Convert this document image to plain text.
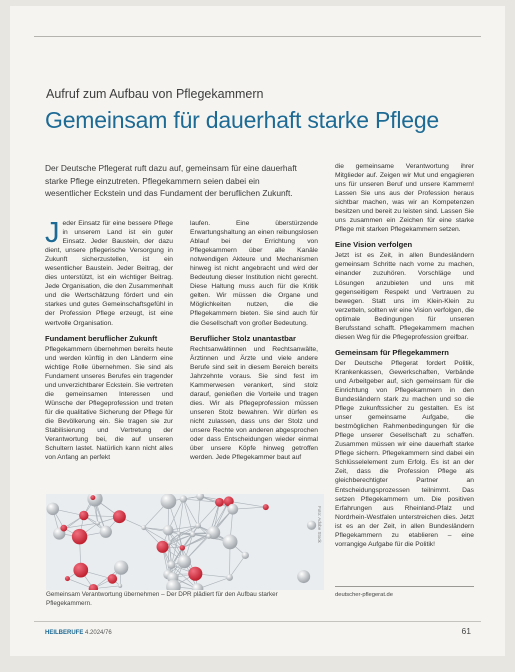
Aufruf zum Aufbau von Pflegekammern
Gemeinsam für dauerhaft starke Pflege
Der Deutsche Pflegerat ruft dazu auf, gemeinsam für eine dauerhaft starke Pflege einzutreten. Pflegekammern seien dabei ein wesentlicher Eckstein und das Fundament der beruflichen Zukunft.

Jeder Einsatz für eine bessere Pflege in unserem Land ist ein guter Einsatz. Jeder Baustein, der dazu dient, unsere pflegerische Versorgung in Zukunft sicherzustellen, ist ein wesentlicher Baustein. Jeder Beitrag, der dies unterstützt, ist ein wichtiger Beitrag. Jede Organisation, die den Zusammenhalt und die Wertschätzung fördert und ein starkes und gutes Gemeinschaftsgefühl in der Profession Pflege erzeugt, ist eine wertvolle Organisation.

Fundament beruflicher Zukunft

Pflegekammern übernehmen bereits heute und werden künftig in den Länderm eine wichtige Rolle übernehmen. Sie sind als Fundament unseres Berufes ein tragender und unverzichtbarer Eckstein. Sie vertreten die gemeinsamen Interessen und Wünsche der Pflegeprofession und treten für die qualitative Sicherung der Pflege für die Bevölkerung ein. Sie tragen sie zur Stabilisierung und Vertretung der Verantwortung bei, die auf unseren Schultern lastet. Natürlich kann nicht alles von Anfang an perfekt

laufen. Eine überstürzende Erwartungshaltung an einen reibungslosen Ablauf bei der Errichtung von Pflegekammern über alle Kanäle notwendigen Akteure und Mechanismen hinweg ist nicht angebracht und wird der Bedeutung dieser Institution nicht gerecht. Diese Haltung muss auch für die Kritik gelten. Wir müssen die Organe und Möglichkeiten nutzen, die die Pflegekammern bieten. Sie sind auch für die Gesellschaft von großer Bedeutung.

Beruflicher Stolz unantastbar

Rechtsanwältinnen und Rechtsanwälte, Ärztinnen und Ärzte und viele andere Berufe sind seit in diesem Bereich bereits Jahrzehnte voraus. Sie sind fest im Kammerwesen verankert, sind stolz darauf, genießen die Vorteile und tragen dies. Wir als Pflegeprofession müssen unseren Stolz bewahren. Wir dürfen es nicht zulassen, dass uns der Stolz und unsere Rechte von anderen abgesprochen oder dass Entscheidungen wieder einmal über unsere Köpfe hinweg getroffen werden. Jede Pflegekammer baut auf

die gemeinsame Verantwortung ihrer Mitglieder auf. Zeigen wir Mut und engagieren uns für unseren Beruf und unsere Kammern! Lassen Sie uns aus der Profession heraus sichtbar machen, was wir an Kompetenzen besitzen und bereit zu leisten sind. Lassen Sie uns zusammen ein Zeichen für eine starke Pflege mit starken Pflegekammern setzen.

Eine Vision verfolgen

Jetzt ist es Zeit, in allen Bundesländern gemeinsam Schritte nach vorne zu machen, einander zuzuhören. Vorschläge und Lösungen anzubieten und uns mit gegenseitigem Respekt und Vertrauen zu bewegen. Statt uns im Klein-Klein zu verzetteln, sollten wir eine Vision verfolgen, die optimale Bedingungen für unseren Berufsstand schafft. Pflegekammern machen diesen Weg für die Pflegeprofession greifbar.

Gemeinsam für Pflegekammern

Der Deutsche Pflegerat fordert Politik, Krankenkassen, Gewerkschaften, Verbände und Arbeitgeber auf, sich gemeinsam für die Einrichtung von Pflegekammern in den Bundesländern stark zu machen und so die Pflege zukunftssicher zu gestalten. Es ist unser gemeinsame Aufgabe, die bestmöglichen Rahmenbedingungen für die Pflege unserer Gesellschaft zu schaffen. Zusammen müssen wir eine dauerhaft starke Pflege sichern. Pflegekammern sind dabei ein Schlüsselelement zum Erfolg. Es ist an der Zeit, dass die Profession Pflege als gleichberechtigter Partner an Entscheidungsprozessen teilnimmt. Das setzen Pflegekammern um. Die positiven Erfahrungen aus Rheinland-Pfalz und Nordrhein-Westfalen unterstreichen dies. Jetzt ist es an der Zeit, in allen Bundesländern Pflegekammern zu etablieren – eine vorrangige Aufgabe für die Politik!

Foto: Adobe Stock
Gemeinsam Verantwortung übernehmen – Der DPR plädiert für den Aufbau starker Pflegekammern.
deutscher-pflegerat.de
HEILBERUFE 4.2024/76	61
